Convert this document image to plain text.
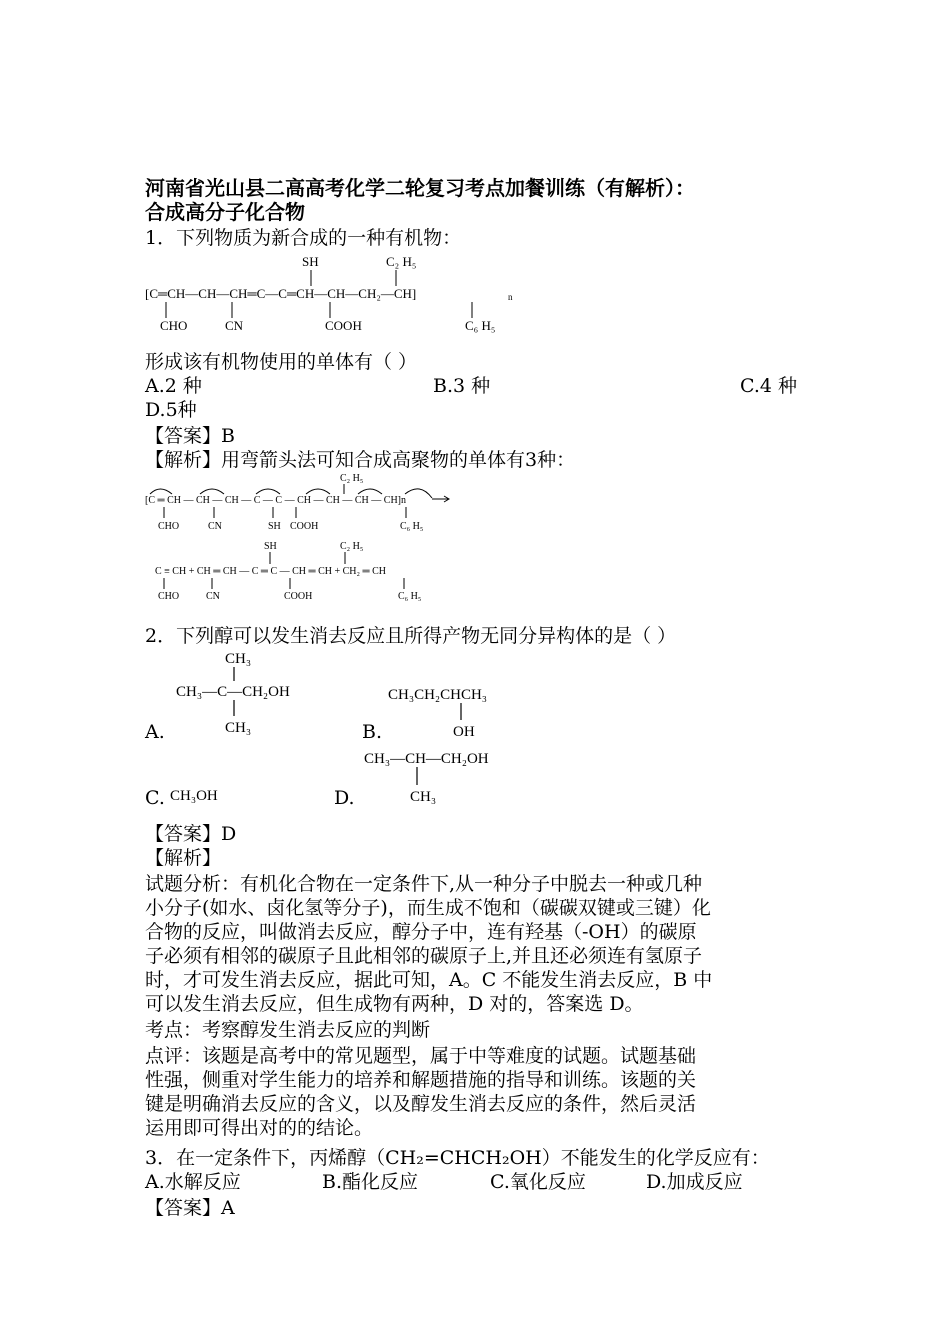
河南省光山县二高高考化学二轮复习考点加餐训练（有解析）：
合成高分子化合物
1．下列物质为新合成的一种有机物：
SH	C₂ H₅
[C═CH—CH—CH═C—C═CH—CH—CH₂—CH]	n
CHO	CN	COOH	C₆ H₅
形成该有机物使用的单体有（ ）
A.2 种	B.3 种	C.4 种
D.5种
【答案】B
【解析】用弯箭头法可知合成高聚物的单体有3种：
C₂ H₅
[C ═ CH — CH — CH — C — C — CH — CH — CH — CH]n
CHO	CN	SH COOH	C₆ H₅
SH	C₂ H₅
C ≡ CH + CH ═ CH — C ═ C — CH ═ CH + CH₂ ═ CH
CHO	CN	COOH	C₆ H₅
2．下列醇可以发生消去反应且所得产物无同分异构体的是（ ）
CH₃
CH₃—C—CH₂OH
CH₃
CH₃CH₂CHCH₃
OH
CH₃OH
CH₃—CH—CH₂OH
CH₃
A.	B.
C.	D.
【答案】D
【解析】
试题分析：有机化合物在一定条件下,从一种分子中脱去一种或几种
小分子(如水、卤化氢等分子)，而生成不饱和（碳碳双键或三键）化
合物的反应，叫做消去反应，醇分子中，连有羟基（-OH）的碳原
子必须有相邻的碳原子且此相邻的碳原子上,并且还必须连有氢原子
时，才可发生消去反应，据此可知，A。C 不能发生消去反应，B 中
可以发生消去反应，但生成物有两种，D 对的，答案选 D。
考点：考察醇发生消去反应的判断
点评：该题是高考中的常见题型，属于中等难度的试题。试题基础
性强，侧重对学生能力的培养和解题措施的指导和训练。该题的关
键是明确消去反应的含义，以及醇发生消去反应的条件，然后灵活
运用即可得出对的的结论。
3．在一定条件下，丙烯醇（CH₂=CHCH₂OH）不能发生的化学反应有：
A.水解反应	B.酯化反应	C.氧化反应	D.加成反应
【答案】A
